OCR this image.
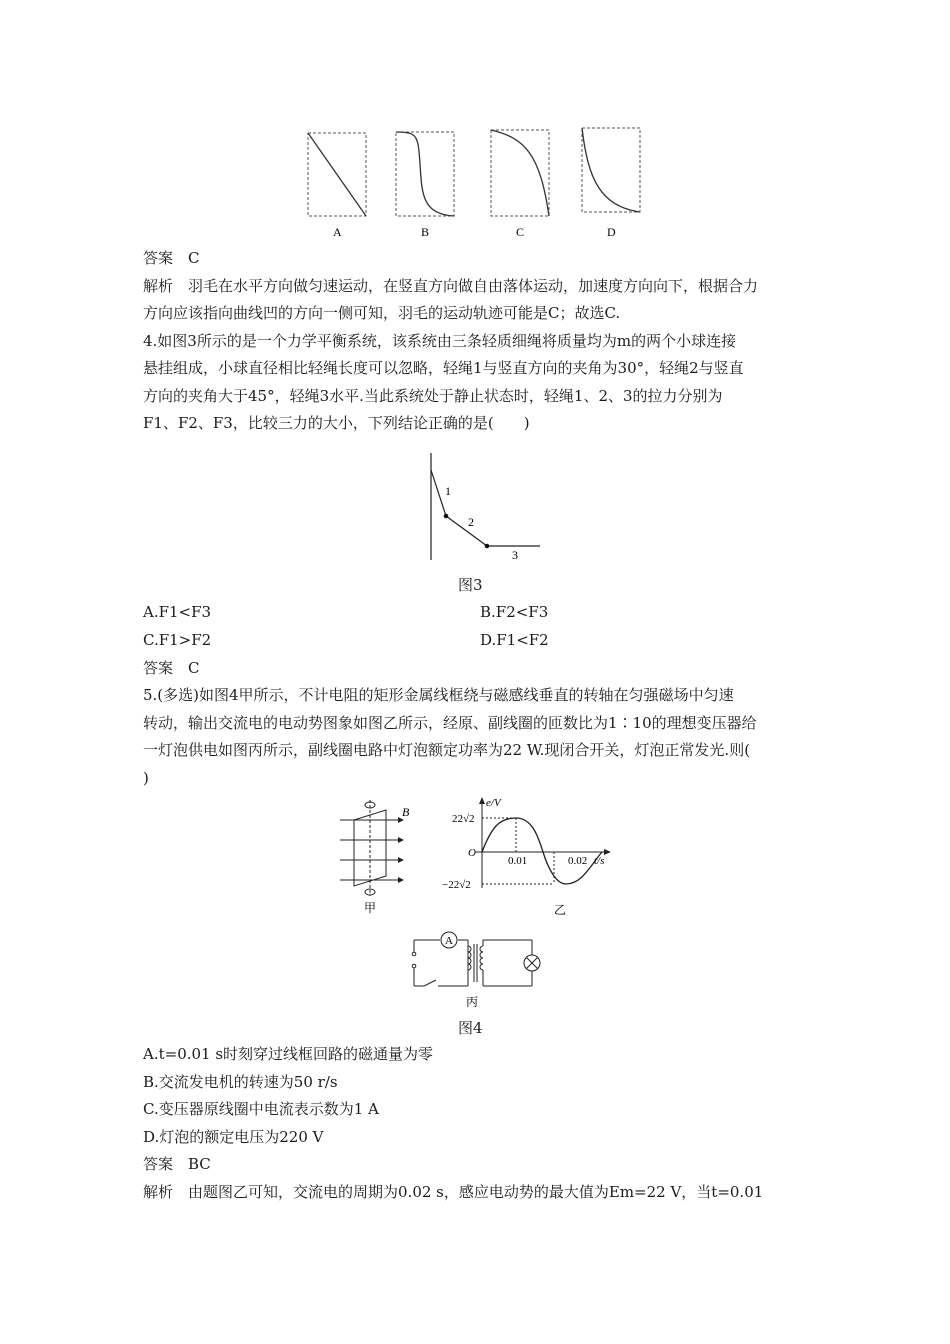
A	B	C	D
答案　C
解析　羽毛在水平方向做匀速运动，在竖直方向做自由落体运动，加速度方向向下，根据合力
方向应该指向曲线凹的方向一侧可知，羽毛的运动轨迹可能是C；故选C.
4.如图3所示的是一个力学平衡系统，该系统由三条轻质细绳将质量均为m的两个小球连接
悬挂组成，小球直径相比轻绳长度可以忽略，轻绳1与竖直方向的夹角为30°，轻绳2与竖直
方向的夹角大于45°，轻绳3水平.当此系统处于静止状态时，轻绳1、2、3的拉力分别为
F1、F2、F3，比较三力的大小，下列结论正确的是(　　)
1
2
3
图3
A.F1<F3	B.F2<F3
C.F1>F2	D.F1<F2
答案　C
5.(多选)如图4甲所示，不计电阻的矩形金属线框绕与磁感线垂直的转轴在匀强磁场中匀速
转动，输出交流电的电动势图象如图乙所示，经原、副线圈的匝数比为1∶10的理想变压器给
一灯泡供电如图丙所示，副线圈电路中灯泡额定功率为22 W.现闭合开关，灯泡正常发光.则(
)
B
甲
e/V
t/s
O
22√2
−22√2
0.01	0.02
乙
A
丙
图4
A.t=0.01 s时刻穿过线框回路的磁通量为零
B.交流发电机的转速为50 r/s
C.变压器原线圈中电流表示数为1 A
D.灯泡的额定电压为220 V
答案　BC
解析　由题图乙可知，交流电的周期为0.02 s，感应电动势的最大值为Em=22 V，当t=0.01
